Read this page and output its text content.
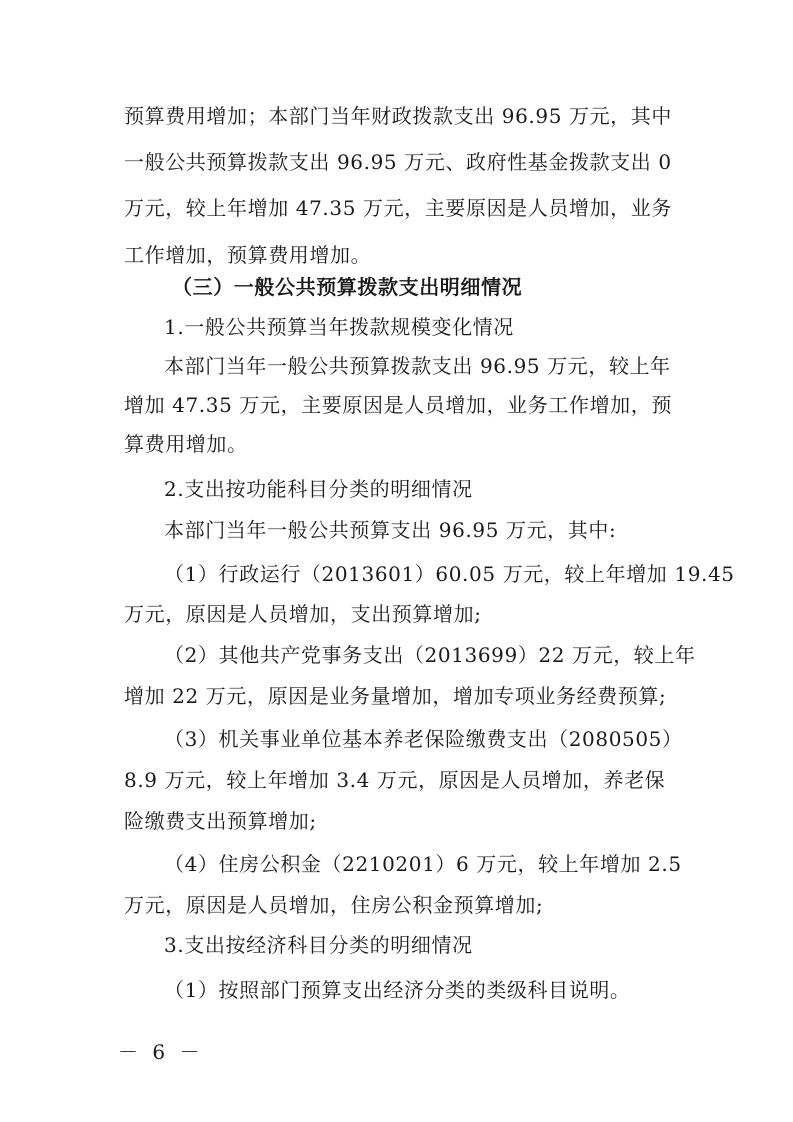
预算费用增加；本部门当年财政拨款支出 96.95 万元，其中
一般公共预算拨款支出 96.95 万元、政府性基金拨款支出 0
万元，较上年增加 47.35 万元，主要原因是人员增加，业务
工作增加，预算费用增加。
（三）一般公共预算拨款支出明细情况
1.一般公共预算当年拨款规模变化情况
本部门当年一般公共预算拨款支出 96.95 万元，较上年
增加 47.35 万元，主要原因是人员增加，业务工作增加，预
算费用增加。
2.支出按功能科目分类的明细情况
本部门当年一般公共预算支出 96.95 万元，其中:
（1）行政运行（2013601）60.05 万元，较上年增加 19.45
万元，原因是人员增加，支出预算增加;
（2）其他共产党事务支出（2013699）22 万元，较上年
增加 22 万元，原因是业务量增加，增加专项业务经费预算;
（3）机关事业单位基本养老保险缴费支出（2080505）
8.9 万元，较上年增加 3.4 万元，原因是人员增加，养老保
险缴费支出预算增加;
（4）住房公积金（2210201）6 万元，较上年增加 2.5
万元，原因是人员增加，住房公积金预算增加;
3.支出按经济科目分类的明细情况
（1）按照部门预算支出经济分类的类级科目说明。
－ 6 －
